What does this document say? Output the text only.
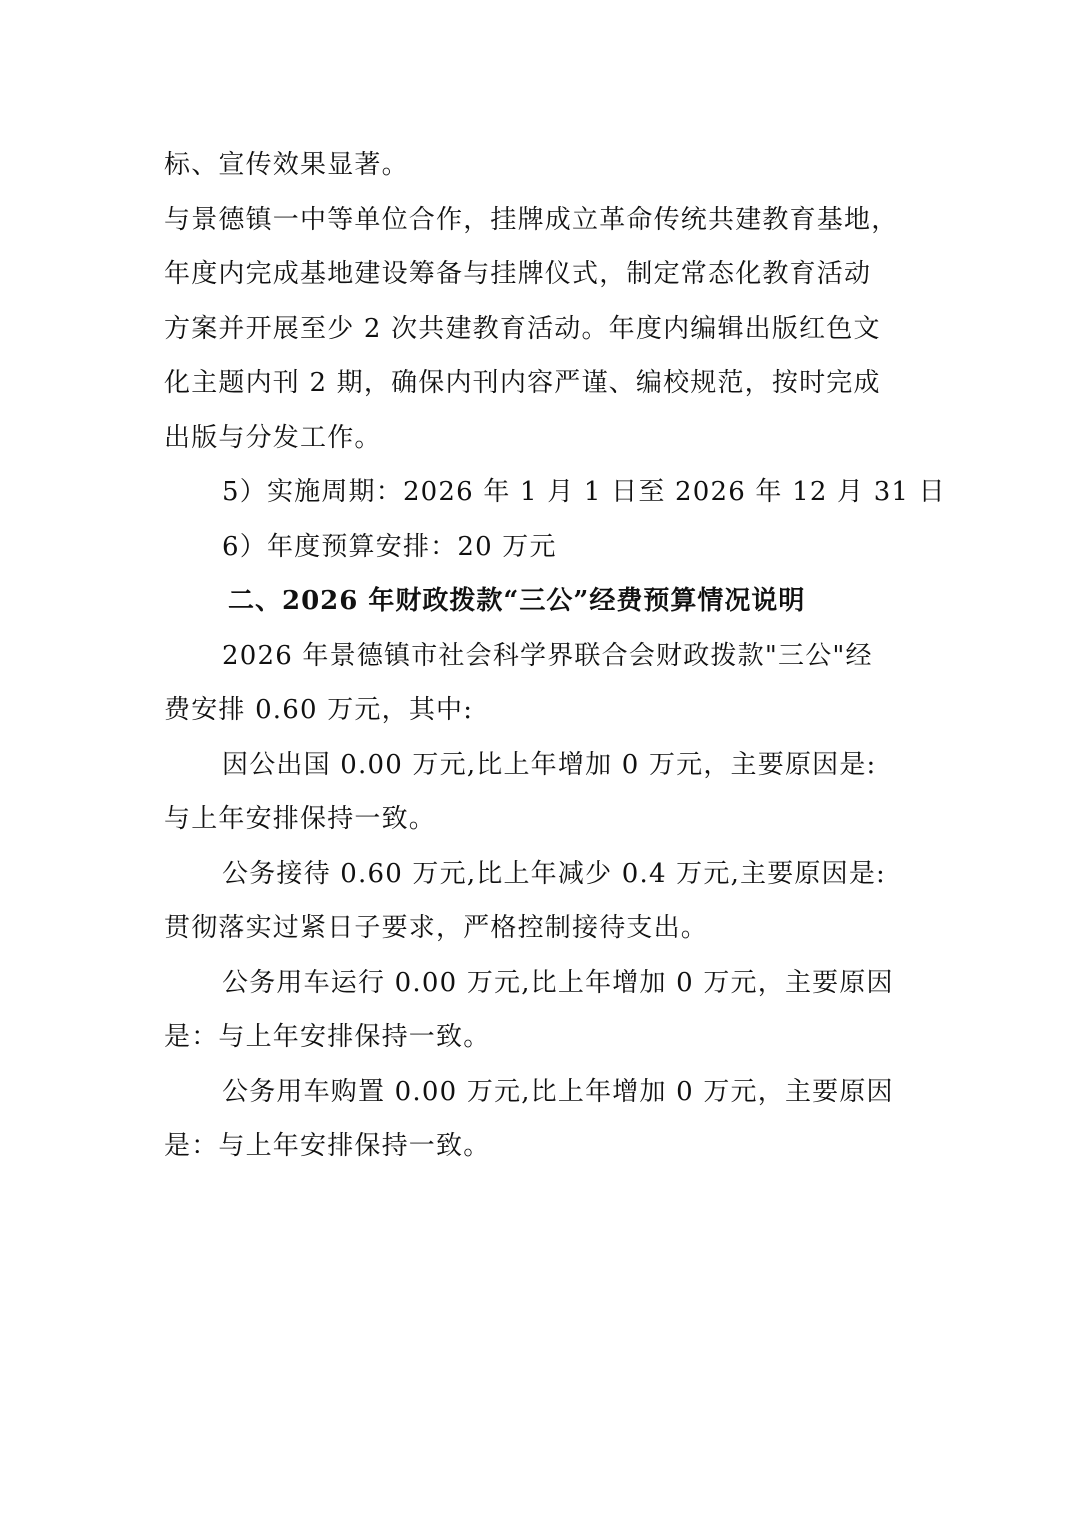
标、宣传效果显著。
与景德镇一中等单位合作，挂牌成立革命传统共建教育基地，
年度内完成基地建设筹备与挂牌仪式，制定常态化教育活动
方案并开展至少 2 次共建教育活动。年度内编辑出版红色文
化主题内刊 2 期，确保内刊内容严谨、编校规范，按时完成
出版与分发工作。
5）实施周期：2026 年 1 月 1 日至 2026 年 12 月 31 日
6）年度预算安排：20 万元
二、2026 年财政拨款“三公”经费预算情况说明
2026 年景德镇市社会科学界联合会财政拨款"三公"经
费安排 0.60 万元，其中:
因公出国 0.00 万元,比上年增加 0 万元，主要原因是:
与上年安排保持一致。
公务接待 0.60 万元,比上年减少 0.4 万元,主要原因是:
贯彻落实过紧日子要求，严格控制接待支出。
公务用车运行 0.00 万元,比上年增加 0 万元，主要原因
是：与上年安排保持一致。
公务用车购置 0.00 万元,比上年增加 0 万元，主要原因
是：与上年安排保持一致。
